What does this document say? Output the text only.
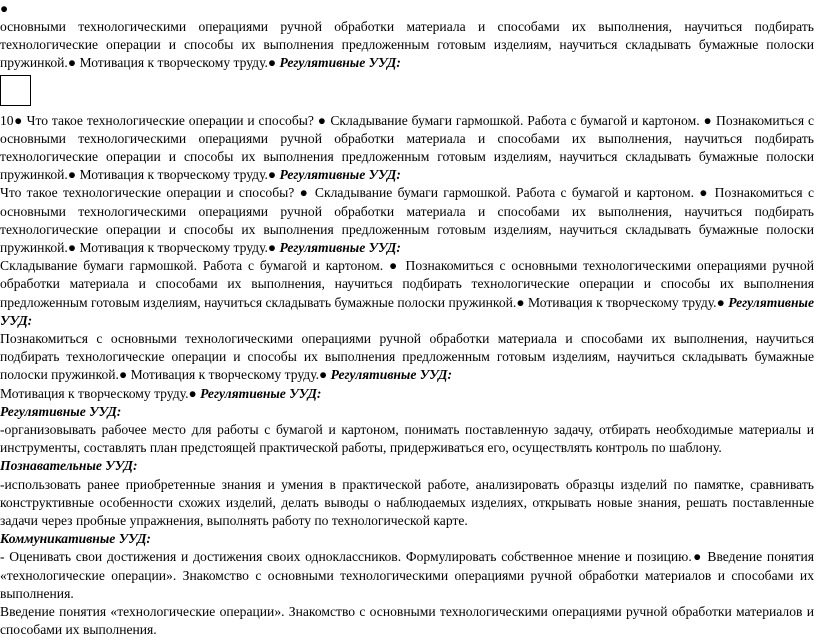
●

основными технологическими операциями ручной обработки материала и способами их выполнения, научиться подбирать технологические операции и способы их выполнения предложенным готовым изделиям, научиться складывать бумажные полоски пружинкой.● Мотивация к творческому труду.● Регулятивные УУД:

10● Что такое технологические операции и способы? ● Складывание бумаги гармошкой. Работа с бумагой и картоном. ● Познакомиться с основными технологическими операциями ручной обработки материала и способами их выполнения, научиться подбирать технологические операции и способы их выполнения предложенным готовым изделиям, научиться складывать бумажные полоски пружинкой.● Мотивация к творческому труду.● Регулятивные УУД:

Что такое технологические операции и способы? ● Складывание бумаги гармошкой. Работа с бумагой и картоном. ● Познакомиться с основными технологическими операциями ручной обработки материала и способами их выполнения, научиться подбирать технологические операции и способы их выполнения предложенным готовым изделиям, научиться складывать бумажные полоски пружинкой.● Мотивация к творческому труду.● Регулятивные УУД:

Складывание бумаги гармошкой. Работа с бумагой и картоном. ● Познакомиться с основными технологическими операциями ручной обработки материала и способами их выполнения, научиться подбирать технологические операции и способы их выполнения предложенным готовым изделиям, научиться складывать бумажные полоски пружинкой.● Мотивация к творческому труду.● Регулятивные УУД:

Познакомиться с основными технологическими операциями ручной обработки материала и способами их выполнения, научиться подбирать технологические операции и способы их выполнения предложенным готовым изделиям, научиться складывать бумажные полоски пружинкой.● Мотивация к творческому труду.● Регулятивные УУД:

Мотивация к творческому труду.● Регулятивные УУД:

Регулятивные УУД:

-организовывать рабочее место для работы с бумагой и картоном, понимать поставленную задачу, отбирать необходимые материалы и инструменты, составлять план предстоящей практической работы, придерживаться его, осуществлять контроль по шаблону.

Познавательные УУД:

-использовать ранее приобретенные знания и умения в практической работе, анализировать образцы изделий по памятке, сравнивать конструктивные особенности схожих изделий, делать выводы о наблюдаемых изделиях, открывать новые знания, решать поставленные задачи через пробные упражнения, выполнять работу по технологической карте.

Коммуникативные УУД:

- Оценивать свои достижения и достижения своих одноклассников. Формулировать собственное мнение и позицию.● Введение понятия «технологические операции». Знакомство с основными технологическими операциями ручной обработки материалов и способами их выполнения.

Введение понятия «технологические операции». Знакомство с основными технологическими операциями ручной обработки материалов и способами их выполнения.
